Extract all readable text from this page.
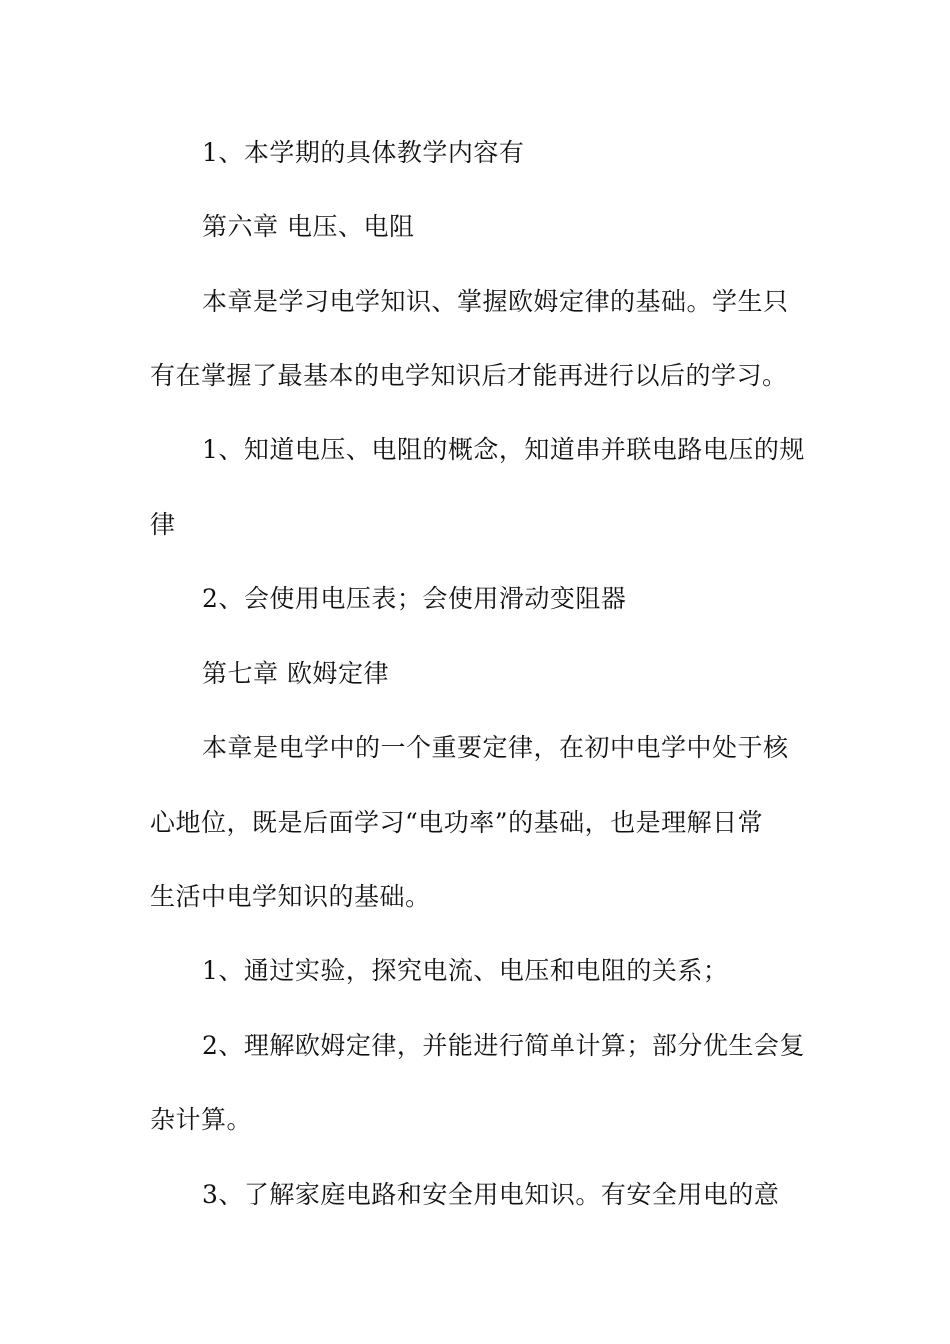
1、本学期的具体教学内容有
第六章 电压、电阻
本章是学习电学知识、掌握欧姆定律的基础。学生只
有在掌握了最基本的电学知识后才能再进行以后的学习。
1、知道电压、电阻的概念，知道串并联电路电压的规
律
2、会使用电压表；会使用滑动变阻器
第七章 欧姆定律
本章是电学中的一个重要定律，在初中电学中处于核
心地位，既是后面学习“电功率”的基础，也是理解日常
生活中电学知识的基础。
1、通过实验，探究电流、电压和电阻的关系；
2、理解欧姆定律，并能进行简单计算；部分优生会复
杂计算。
3、了解家庭电路和安全用电知识。有安全用电的意
